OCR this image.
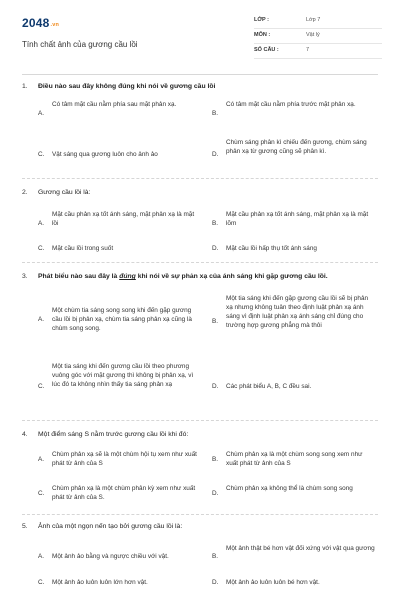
2048.vn
Tính chất ảnh của gương cầu lồi
LỚP :	Lớp 7
MÔN :	Vật lý
SỐ CÂU :	7
1. Điều nào sau đây không đúng khi nói về gương cầu lồi
A.
Có tâm mặt cầu nằm phía sau mặt phản xạ.
B.
Có tâm mặt cầu nằm phía trước mặt phản xạ.
C. Vật sáng qua gương luôn cho ảnh ảo	D.
Chùm sáng phân kì chiếu đến gương, chùm sáng phản xạ từ gương cũng sẽ phân kì.
2. Gương cầu lồi là:
A.
Mặt cầu phản xạ tốt ánh sáng, mặt phản xạ là mặt lồi	B.
Mặt cầu phản xạ tốt ánh sáng, mặt phản xạ là mặt lõm
C. Mặt cầu lồi trong suốt	D. Mặt cầu lồi hấp thụ tốt ánh sáng
3. Phát biểu nào sau đây là đúng khi nói về sự phản xạ của ánh sáng khi gặp gương cầu lồi.
A.
Một chùm tia sáng song song khi đến gặp gương cầu lồi bị phản xạ, chùm tia sáng phản xạ cũng là chùm song song.
B.
Một tia sáng khi đến gặp gương cầu lồi sẽ bị phản xạ nhưng không tuân theo định luật phản xạ ánh sáng vì định luật phản xạ ánh sáng chỉ đúng cho trường hợp gương phẳng mà thôi
C.
Một tia sáng khi đến gương cầu lồi theo phương vuông góc với mặt gương thì không bị phản xạ, vì lúc đó ta không nhìn thấy tia sáng phản xạ	D. Các phát biểu A, B, C đều sai.
4. Một điểm sáng S nằm trước gương cầu lồi khi đó:
A.
Chùm phản xạ sẽ là một chùm hội tụ xem như xuất phát từ ảnh của S
B.
Chùm phản xạ là một chùm song song xem như xuất phát từ ảnh của S
C.
Chùm phản xạ là một chùm phân kỳ xem như xuất phát từ ảnh của S.
D.
Chùm phản xạ không thể là chùm song song
5. Ảnh của một ngọn nến tạo bởi gương cầu lồi là:
A. Một ảnh ảo bằng và ngược chiều với vật.	B.
Một ảnh thật bé hơn vật đối xứng với vật qua gương
C. Một ảnh ảo luôn luôn lớn hơn vật.	D. Một ảnh ảo luôn luôn bé hơn vật.
